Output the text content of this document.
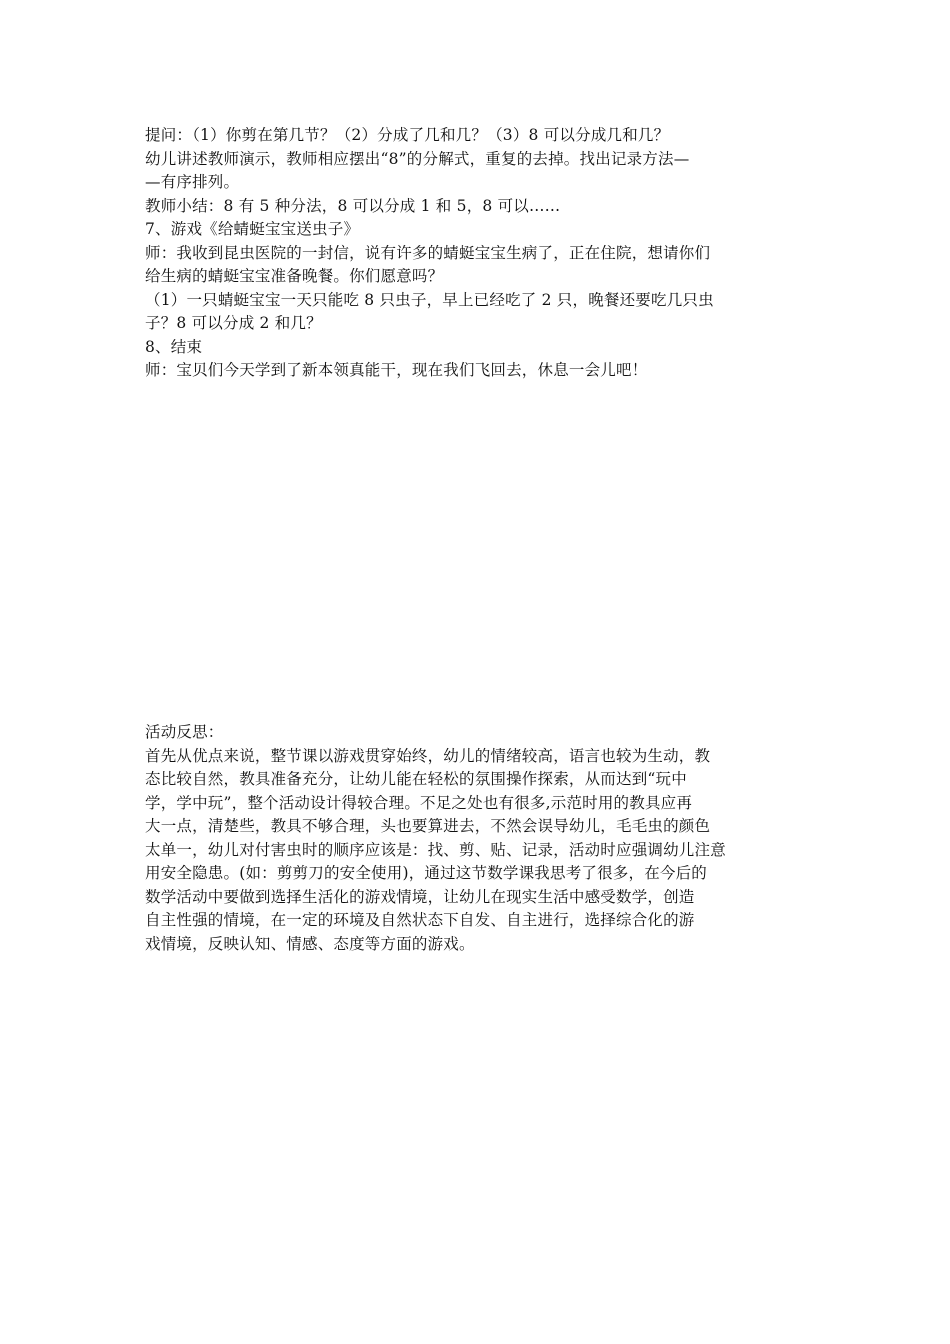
提问：（1）你剪在第几节？（2）分成了几和几？（3）8 可以分成几和几？
幼儿讲述教师演示，教师相应摆出“8”的分解式，重复的去掉。找出记录方法—
—有序排列。
教师小结：8 有 5 种分法，8 可以分成 1 和 5，8 可以……
7、游戏《给蜻蜓宝宝送虫子》
师：我收到昆虫医院的一封信，说有许多的蜻蜓宝宝生病了，正在住院，想请你们
给生病的蜻蜓宝宝准备晚餐。你们愿意吗？
（1）一只蜻蜓宝宝一天只能吃 8 只虫子，早上已经吃了 2 只，晚餐还要吃几只虫
子？8 可以分成 2 和几？
8、结束
师：宝贝们今天学到了新本领真能干，现在我们飞回去，休息一会儿吧！
活动反思：
首先从优点来说，整节课以游戏贯穿始终，幼儿的情绪较高，语言也较为生动，教
态比较自然，教具准备充分，让幼儿能在轻松的氛围操作探索，从而达到“玩中
学，学中玩”，整个活动设计得较合理。不足之处也有很多,示范时用的教具应再
大一点，清楚些，教具不够合理，头也要算进去，不然会误导幼儿，毛毛虫的颜色
太单一，幼儿对付害虫时的顺序应该是：找、剪、贴、记录，活动时应强调幼儿注意
用安全隐患。(如：剪剪刀的安全使用)，通过这节数学课我思考了很多，在今后的
数学活动中要做到选择生活化的游戏情境，让幼儿在现实生活中感受数学，创造
自主性强的情境，在一定的环境及自然状态下自发、自主进行，选择综合化的游
戏情境，反映认知、情感、态度等方面的游戏。
